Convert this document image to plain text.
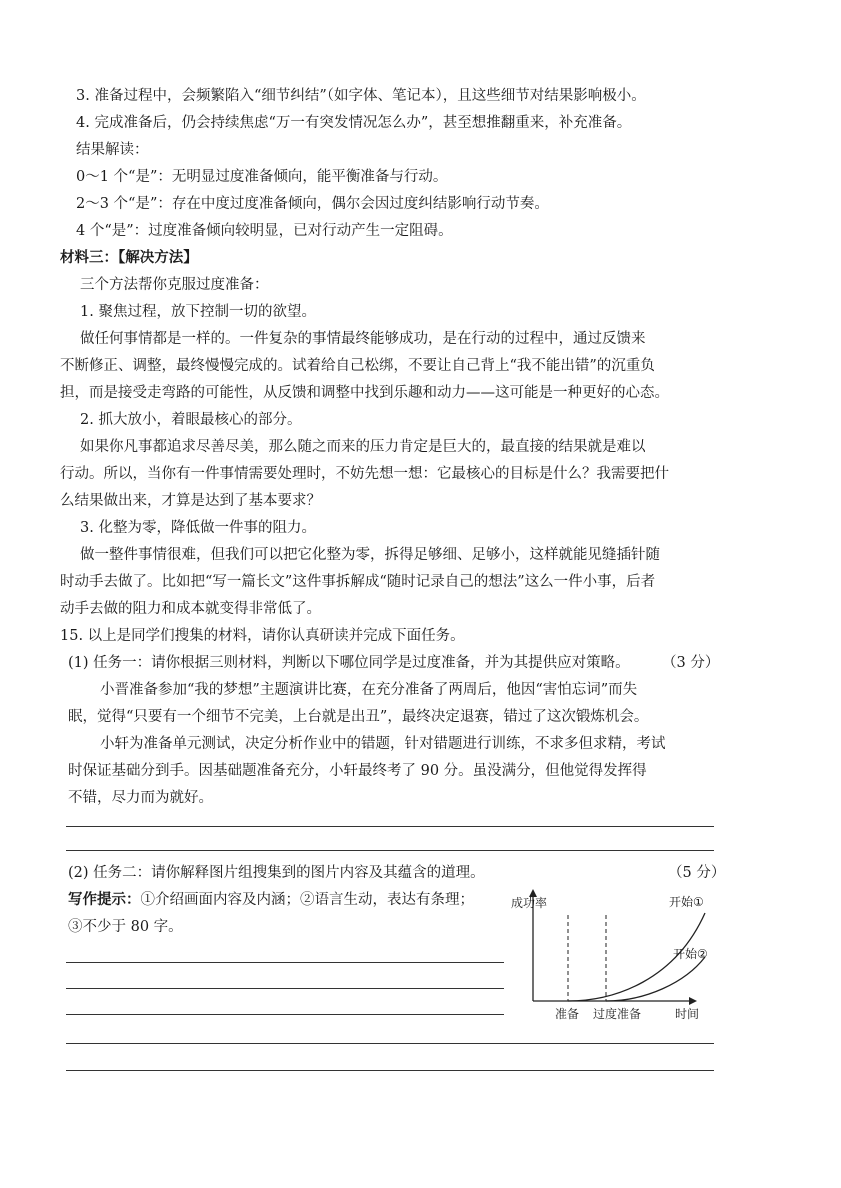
3. 准备过程中，会频繁陷入“细节纠结”（如字体、笔记本），且这些细节对结果影响极小。
4. 完成准备后，仍会持续焦虑“万一有突发情况怎么办”，甚至想推翻重来，补充准备。
结果解读：
0～1 个“是”：无明显过度准备倾向，能平衡准备与行动。
2～3 个“是”：存在中度过度准备倾向，偶尔会因过度纠结影响行动节奏。
4 个“是”：过度准备倾向较明显，已对行动产生一定阻碍。
材料三：【解决方法】
三个方法帮你克服过度准备：
1. 聚焦过程，放下控制一切的欲望。
做任何事情都是一样的。一件复杂的事情最终能够成功，是在行动的过程中，通过反馈来
不断修正、调整，最终慢慢完成的。试着给自己松绑，不要让自己背上“我不能出错”的沉重负
担，而是接受走弯路的可能性，从反馈和调整中找到乐趣和动力——这可能是一种更好的心态。
2. 抓大放小，着眼最核心的部分。
如果你凡事都追求尽善尽美，那么随之而来的压力肯定是巨大的，最直接的结果就是难以
行动。所以，当你有一件事情需要处理时，不妨先想一想：它最核心的目标是什么？我需要把什
么结果做出来，才算是达到了基本要求？
3. 化整为零，降低做一件事的阻力。
做一整件事情很难，但我们可以把它化整为零，拆得足够细、足够小，这样就能见缝插针随
时动手去做了。比如把“写一篇长文”这件事拆解成“随时记录自己的想法”这么一件小事，后者
动手去做的阻力和成本就变得非常低了。
15. 以上是同学们搜集的材料，请你认真研读并完成下面任务。
(1) 任务一：请你根据三则材料，判断以下哪位同学是过度准备，并为其提供应对策略。 （3 分）
小晋准备参加“我的梦想”主题演讲比赛，在充分准备了两周后，他因“害怕忘词”而失
眠，觉得“只要有一个细节不完美，上台就是出丑”，最终决定退赛，错过了这次锻炼机会。
小轩为准备单元测试，决定分析作业中的错题，针对错题进行训练，不求多但求精，考试
时保证基础分到手。因基础题准备充分，小轩最终考了 90 分。虽没满分，但他觉得发挥得
不错，尽力而为就好。
(2) 任务二：请你解释图片组搜集到的图片内容及其蕴含的道理。	（5 分）
写作提示：①介绍画面内容及内涵；②语言生动，表达有条理；
③不少于 80 字。
成功率
时间
准备 过度准备
开始①
开始②
